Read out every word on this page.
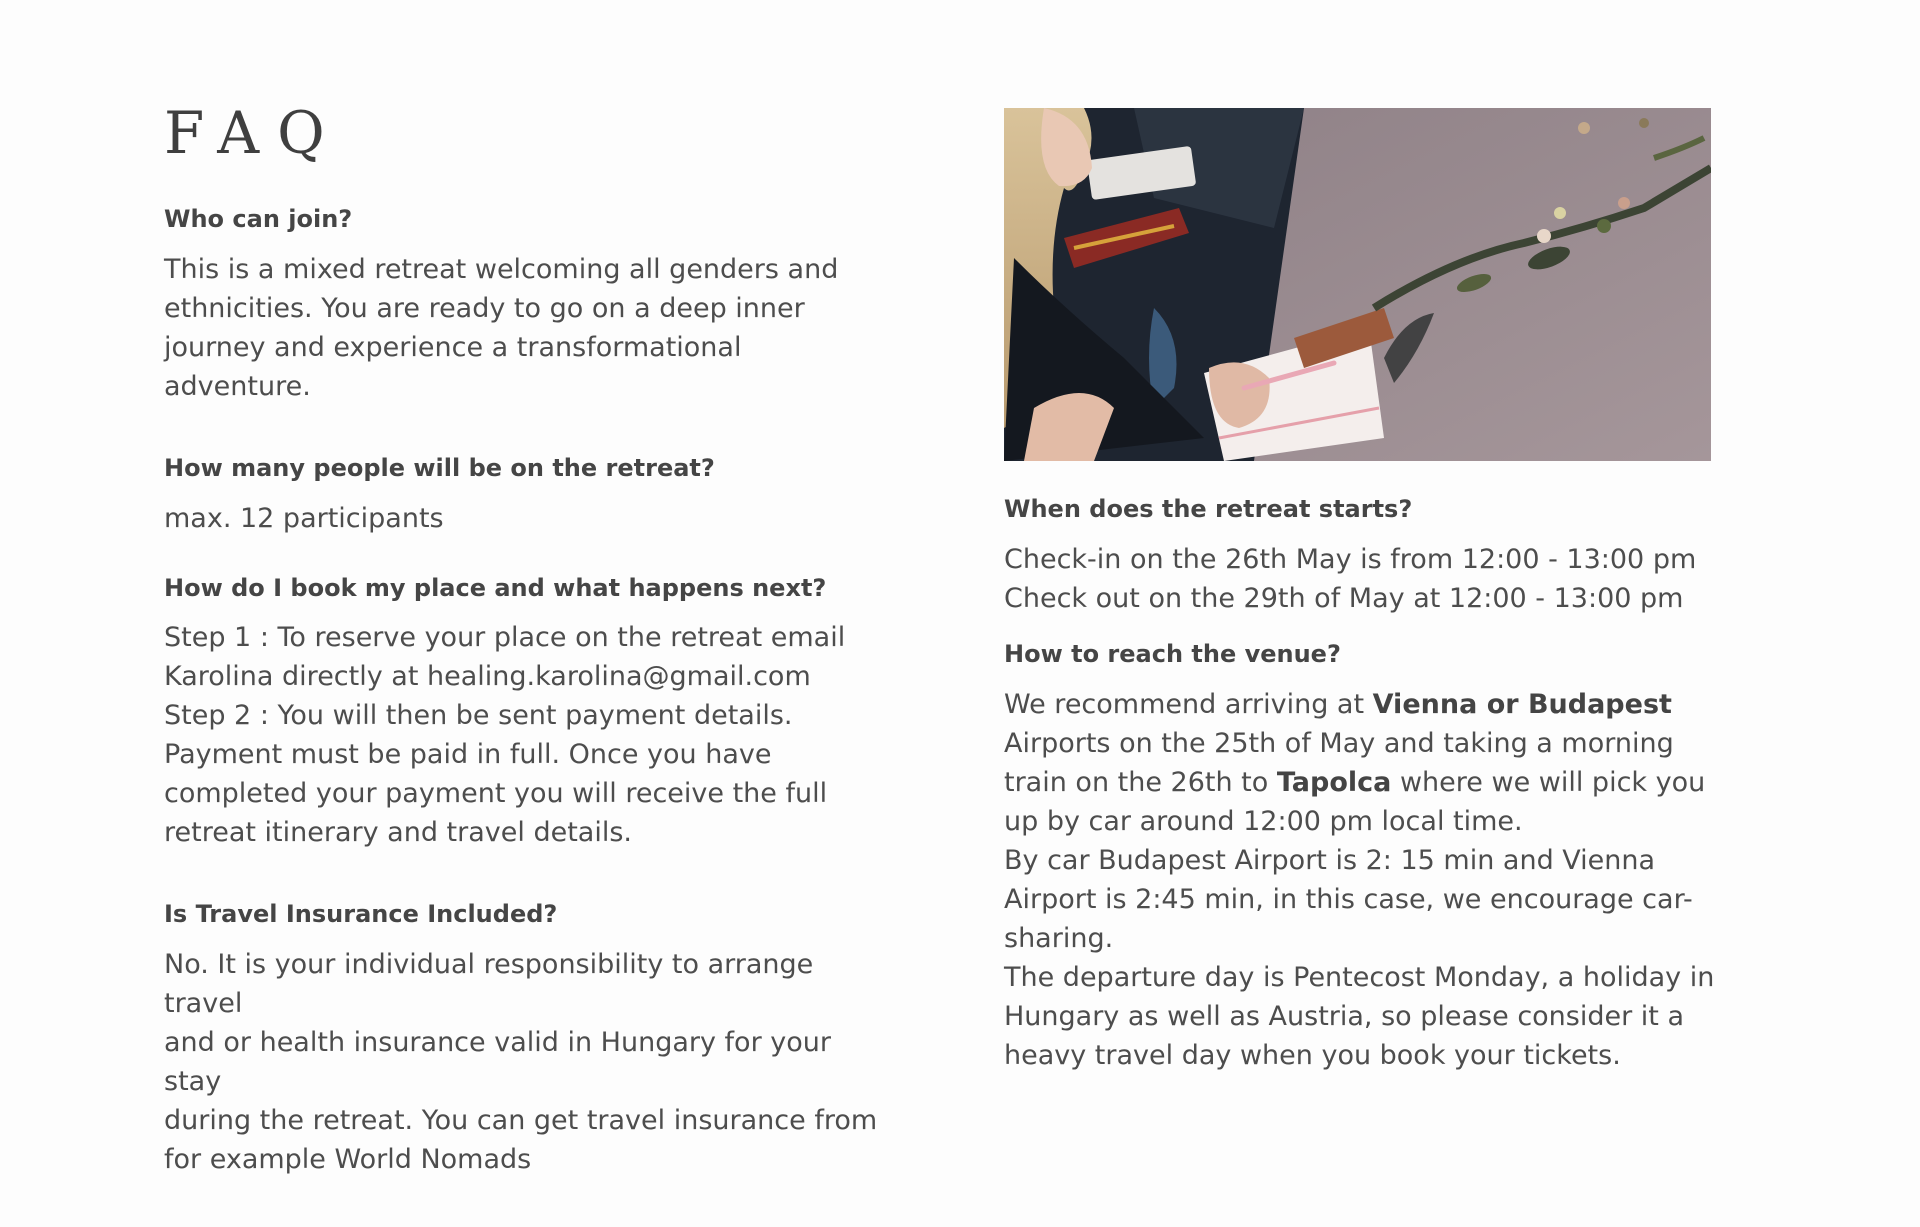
FAQ

Who can join?

This is a mixed retreat welcoming all genders and
ethnicities. You are ready to go on a deep inner
journey and experience a transformational adventure.

How many people will be on the retreat?

max. 12 participants

How do I book my place and what happens next?

Step 1 : To reserve your place on the retreat email
Karolina directly at healing.karolina@gmail.com
Step 2 : You will then be sent payment details.
Payment must be paid in full. Once you have
completed your payment you will receive the full
retreat itinerary and travel details.

Is Travel Insurance Included?

No. It is your individual responsibility to arrange travel
and or health insurance valid in Hungary for your stay
during the retreat. You can get travel insurance from
for example World Nomads

When does the retreat starts?

Check-in on the 26th May is from 12:00 - 13:00 pm
Check out on the 29th of May at 12:00 - 13:00 pm

How to reach the venue?

We recommend arriving at Vienna or Budapest
Airports on the 25th of May and taking a morning
train on the 26th to Tapolca where we will pick you
up by car around 12:00 pm local time.
By car Budapest Airport is 2: 15 min and Vienna
Airport is 2:45 min, in this case, we encourage car-
sharing.
The departure day is Pentecost Monday, a holiday in
Hungary as well as Austria, so please consider it a
heavy travel day when you book your tickets.
